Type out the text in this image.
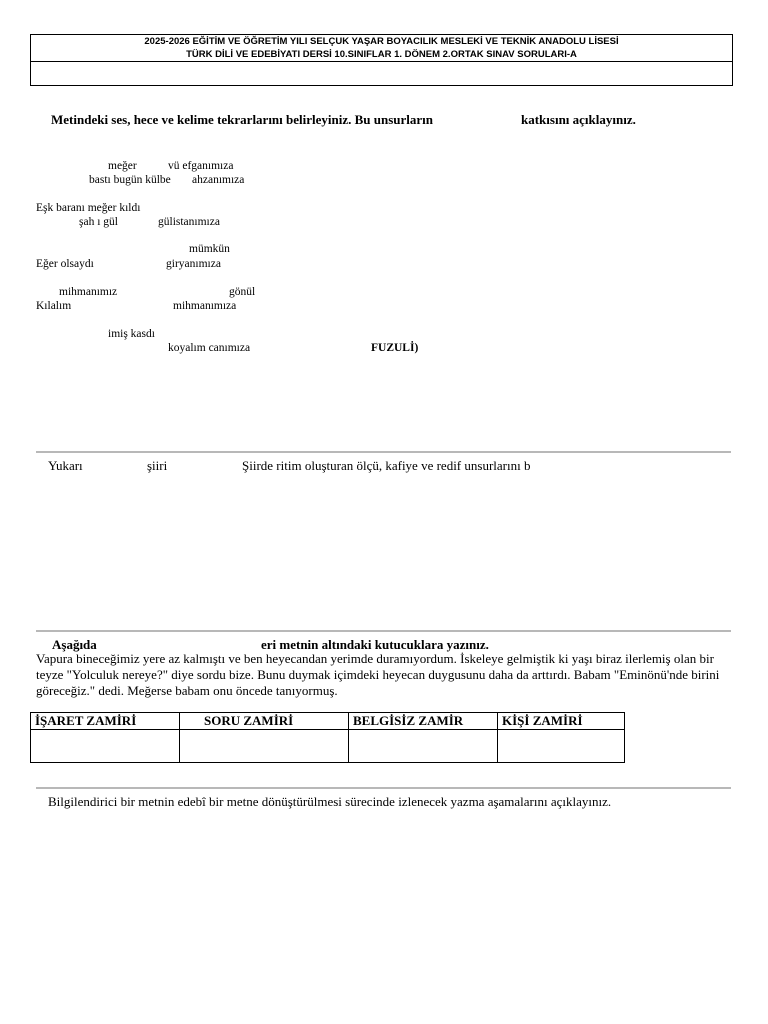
2025-2026 EĞİTİM VE ÖĞRETİM YILI SELÇUK YAŞAR BOYACILIK MESLEKİ VE TEKNİK ANADOLU LİSESİ
TÜRK DİLİ VE EDEBİYATI DERSİ 10.SINIFLAR 1. DÖNEM 2.ORTAK SINAV SORULARI-A
Metindeki ses, hece ve kelime tekrarlarını belirleyiniz. Bu unsurların	katkısını açıklayınız.
meğer	vü efganımıza
bastı bugün külbe ahzanımıza
Eşk baranı meğer kıldı
şah ı gül	gülistanımıza
mümkün
Eğer olsaydı	giryanımıza
mihmanımız	gönül
Kılalım	mihmanımıza
imiş kasdı
koyalım canımıza	FUZULİ)
Yukarı	şiiri	Şiirde ritim oluşturan ölçü, kafiye ve redif unsurlarını b
Aşağıda	eri metnin altındaki kutucuklara yazınız.
Vapura bineceğimiz yere az kalmıştı ve ben heyecandan yerimde duramıyordum. İskeleye gelmiştik ki yaşı biraz ilerlemiş olan bir teyze "Yolculuk nereye?" diye sordu bize. Bunu duymak içimdeki heyecan duygusunu daha da arttırdı. Babam "Eminönü'nde birini göreceğiz." dedi. Meğerse babam onu öncede tanıyormuş.
İŞARET ZAMİRİ	SORU ZAMİRİ	BELGİSİZ ZAMİR	KİŞİ ZAMİRİ

Bilgilendirici bir metnin edebî bir metne dönüştürülmesi sürecinde izlenecek yazma aşamalarını açıklayınız.
